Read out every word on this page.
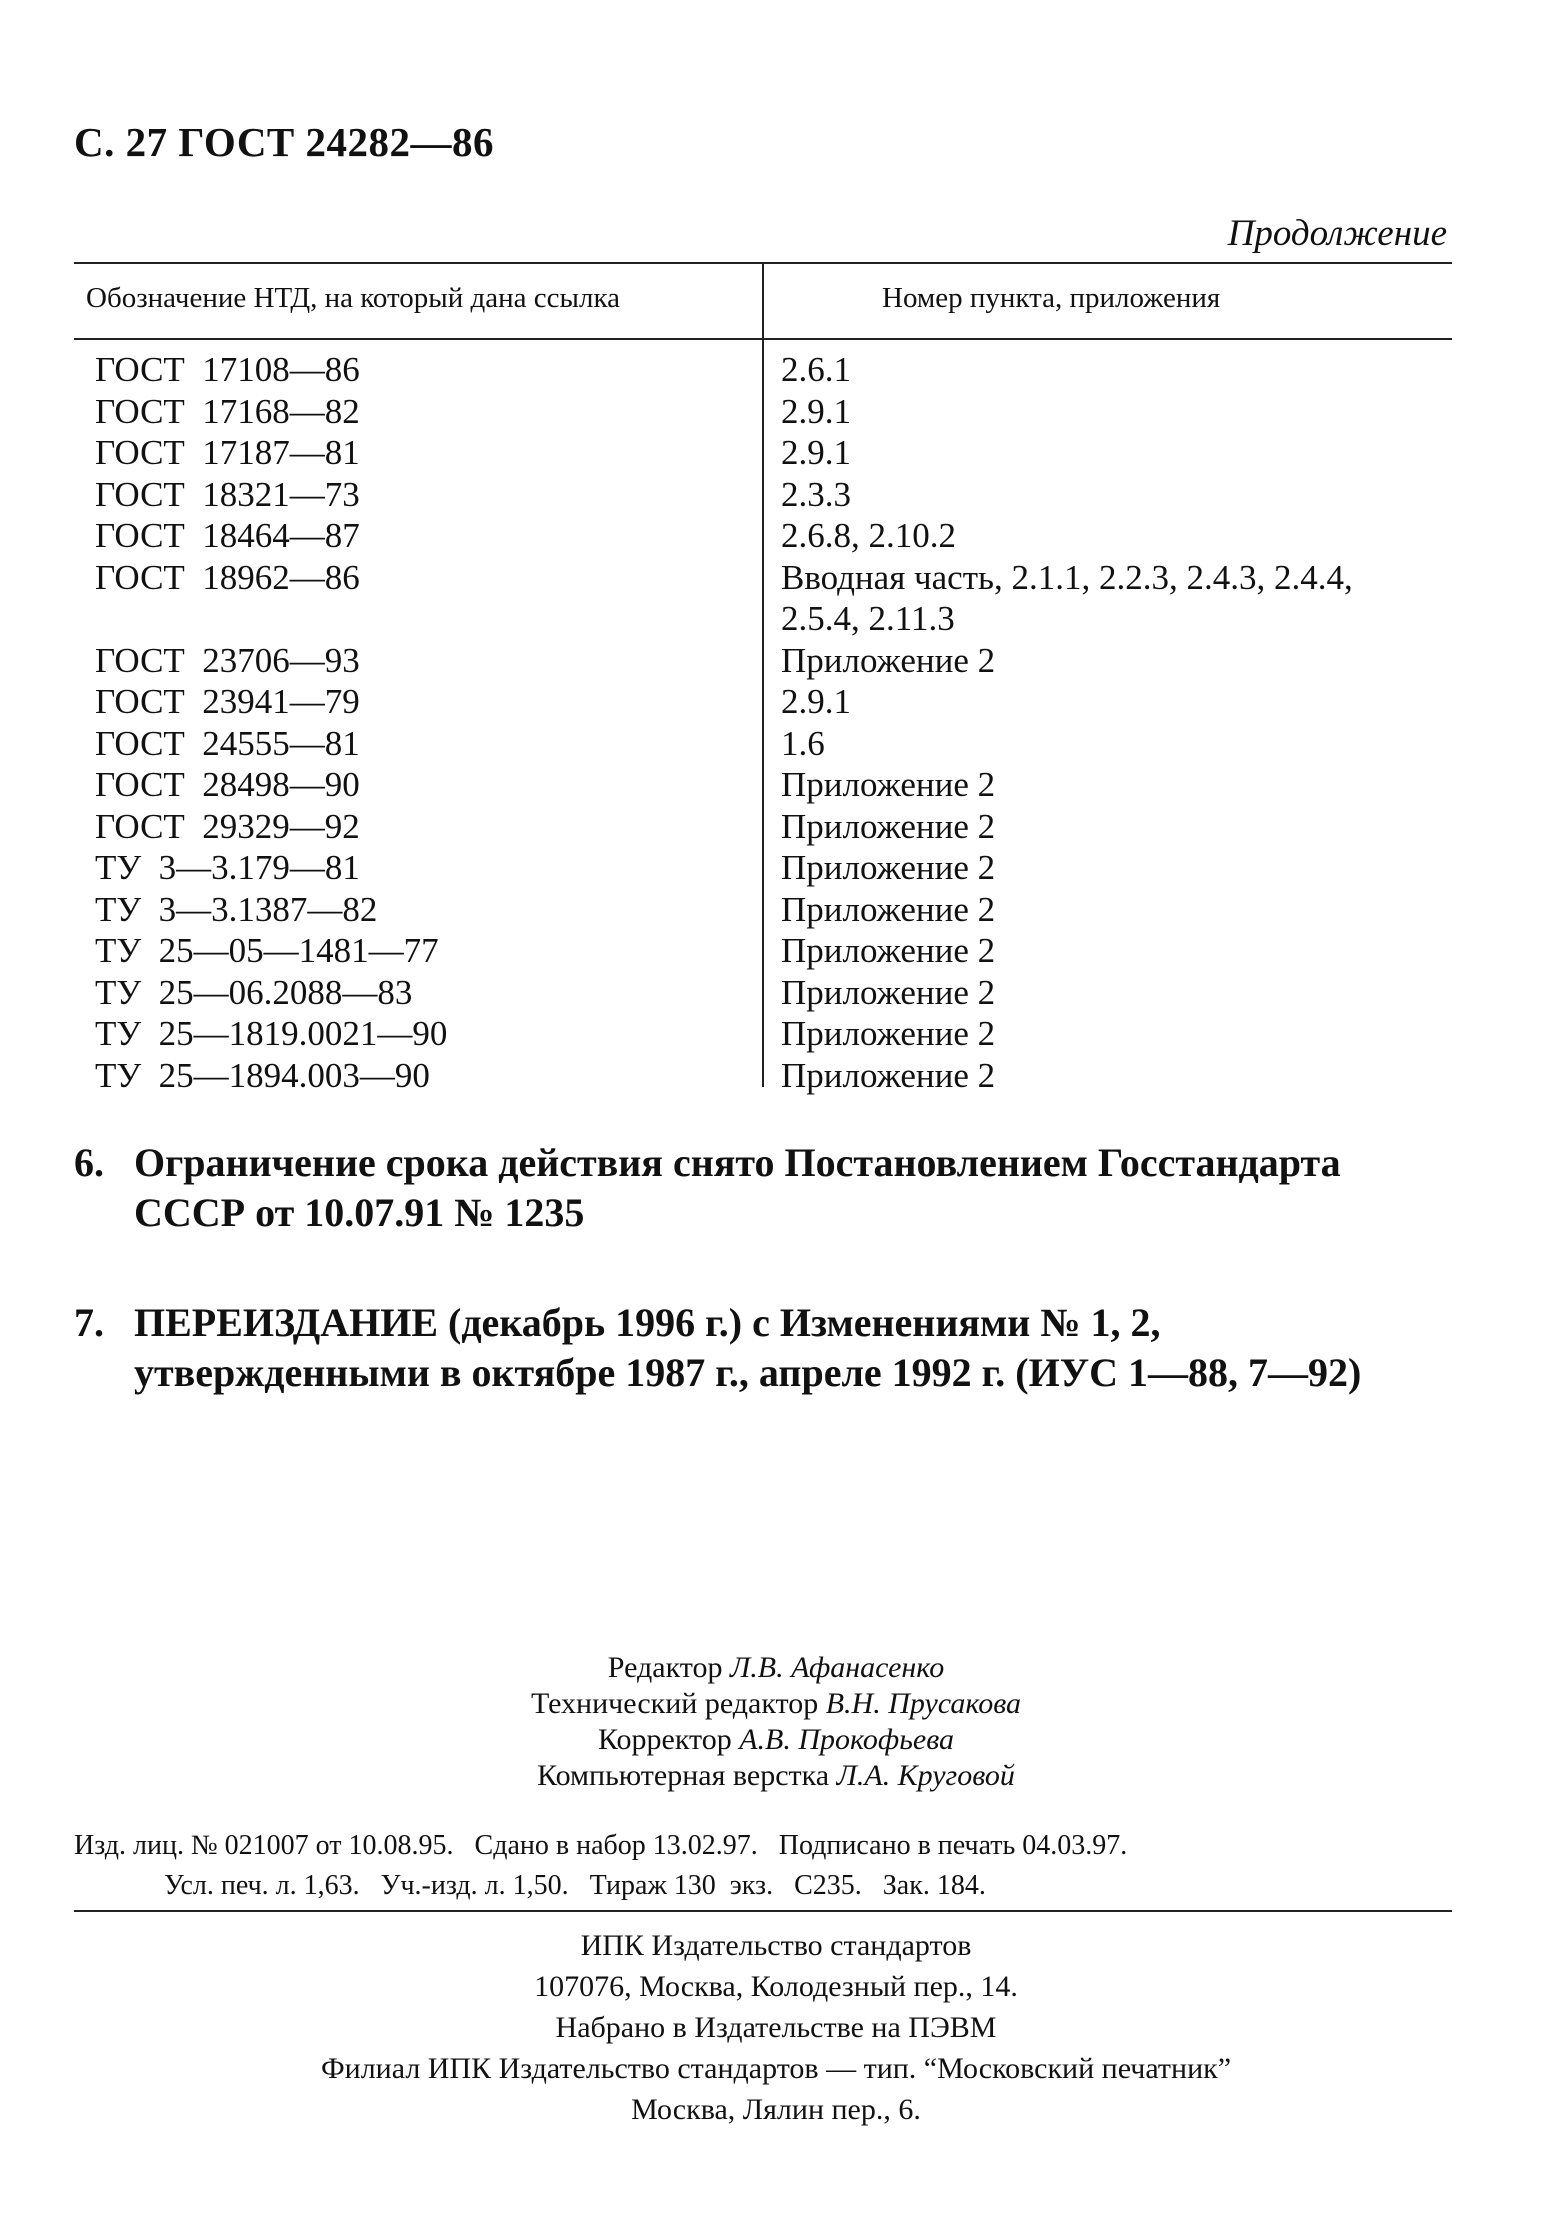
С. 27 ГОСТ 24282—86
Продолжение
Обозначение НТД, на который дана ссылка	Номер пункта, приложения
ГОСТ  17108—86	2.6.1
ГОСТ  17168—82	2.9.1
ГОСТ  17187—81	2.9.1
ГОСТ  18321—73	2.3.3
ГОСТ  18464—87	2.6.8, 2.10.2
ГОСТ  18962—86	Вводная часть, 2.1.1, 2.2.3, 2.4.3, 2.4.4, 2.5.4, 2.11.3
ГОСТ  23706—93	Приложение 2
ГОСТ  23941—79	2.9.1
ГОСТ  24555—81	1.6
ГОСТ  28498—90	Приложение 2
ГОСТ  29329—92	Приложение 2
ТУ  3—3.179—81	Приложение 2
ТУ  3—3.1387—82	Приложение 2
ТУ  25—05—1481—77	Приложение 2
ТУ  25—06.2088—83	Приложение 2
ТУ  25—1819.0021—90	Приложение 2
ТУ  25—1894.003—90	Приложение 2
6. Ограничение срока действия снято Постановлением Госстандарта СССР от 10.07.91 № 1235
7. ПЕРЕИЗДАНИЕ (декабрь 1996 г.) с Изменениями № 1, 2, утвержденными в октябре 1987 г., апреле 1992 г. (ИУС 1—88, 7—92)
Редактор Л.В. Афанасенко
Технический редактор В.Н. Прусакова
Корректор А.В. Прокофьева
Компьютерная верстка Л.А. Круговой
Изд. лиц. № 021007 от 10.08.95.   Сдано в набор 13.02.97.   Подписано в печать 04.03.97.
Усл. печ. л. 1,63.   Уч.-изд. л. 1,50.   Тираж 130  экз.   С235.   Зак. 184.
ИПК Издательство стандартов
107076, Москва, Колодезный пер., 14.
Набрано в Издательстве на ПЭВМ
Филиал ИПК Издательство стандартов — тип. “Московский печатник”
Москва, Лялин пер., 6.
